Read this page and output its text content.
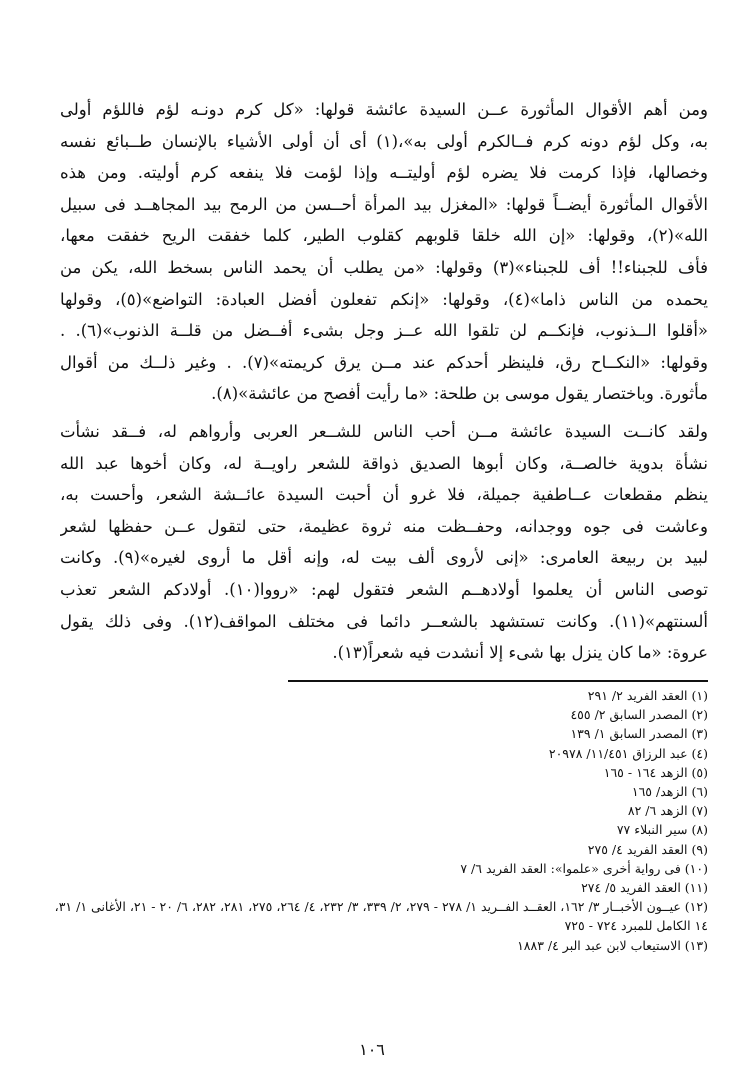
ومن أهم الأقوال المأثورة عــن السيدة عائشة قولها: «كل كرم دونـه لؤم فاللؤم أولى
به، وكل لؤم دونه كرم فــالكرم أولى به»،(١) أى أن أولى الأشياء بالإنسان طــبائع نفسه
وخصالها، فإذا كرمت فلا يضره لؤم أوليتــه وإذا لؤمت فلا ينفعه كرم أوليته. ومن هذه
الأقوال المأثورة أيضــاً قولها: «المغزل بيد المرأة أحــسن من الرمح بيد المجاهــد فى سبيل
الله»(٢)، وقولها: «إن الله خلقا قلوبهم كقلوب الطير، كلما خفقت الريح خفقت معها،
فأف للجبناء!! أف للجبناء»(٣) وقولها: «من يطلب أن يحمد الناس بسخط الله، يكن من
يحمده من الناس ذاما»(٤)، وقولها: «إنكم تفعلون أفضل العبادة: التواضع»(٥)، وقولها
«أقلوا الــذنوب، فإنكــم لن تلقوا الله عــز وجل بشىء أفــضل من قلــة الذنوب»(٦). .
وقولها: «النكــاح رق، فلينظر أحدكم عند مــن يرق كريمته»(٧). . وغير ذلــك من أقوال
مأثورة. وباختصار يقول موسى بن طلحة: «ما رأيت أفصح من عائشة»(٨).

ولقد كانــت السيدة عائشة مــن أحب الناس للشــعر العربى وأرواهم له، فــقد نشأت
نشأة بدوية خالصــة، وكان أبوها الصديق ذواقة للشعر راويــة له، وكان أخوها عبد الله
ينظم مقطعات عــاطفية جميلة، فلا غرو أن أحبت السيدة عائــشة الشعر، وأحست به،
وعاشت فى جوه ووجدانه، وحفــظت منه ثروة عظيمة، حتى لتقول عــن حفظها لشعر
لبيد بن ربيعة العامرى: «إنى لأروى ألف بيت له، وإنه أقل ما أروى لغيره»(٩). وكانت
توصى الناس أن يعلموا أولادهــم الشعر فتقول لهم: «رووا(١٠). أولادكم الشعر تعذب
ألسنتهم»(١١). وكانت تستشهد بالشعــر دائما فى مختلف المواقف(١٢). وفى ذلك يقول
عروة: «ما كان ينزل بها شىء إلا أنشدت فيه شعراً(١٣).

(١) العقد الفريد ٢/ ٢٩١
(٢) المصدر السابق ٢/ ٤٥٥
(٣) المصدر السابق ١/ ١٣٩
(٤) عبد الرزاق ١١/٤٥١/ ٢٠٩٧٨
(٥) الزهد ١٦٤ - ١٦٥
(٦) الزهد/ ١٦٥
(٧) الزهد ٦/ ٨٢
(٨) سير النبلاء ٧٧
(٩) العقد الفريد ٤/ ٢٧٥
(١٠) فى رواية أخرى «علموا»: العقد الفريد ٦/ ٧
(١١) العقد الفريد ٥/ ٢٧٤
(١٢) عيــون الأخبــار ٣/ ١٦٢، العقــد الفــريد ١/ ٢٧٨ - ٢٧٩، ٢/ ٣٣٩، ٣/ ٢٣٢، ٤/ ٢٦٤، ٢٧٥، ٢٨١، ٢٨٢، ٦/ ٢٠ - ٢١، الأغانى ١/ ٣١، ١٤ الكامل للمبرد ٧٢٤ - ٧٢٥
(١٣) الاستيعاب لابن عبد البر ٤/ ١٨٨٣
١٠٦
